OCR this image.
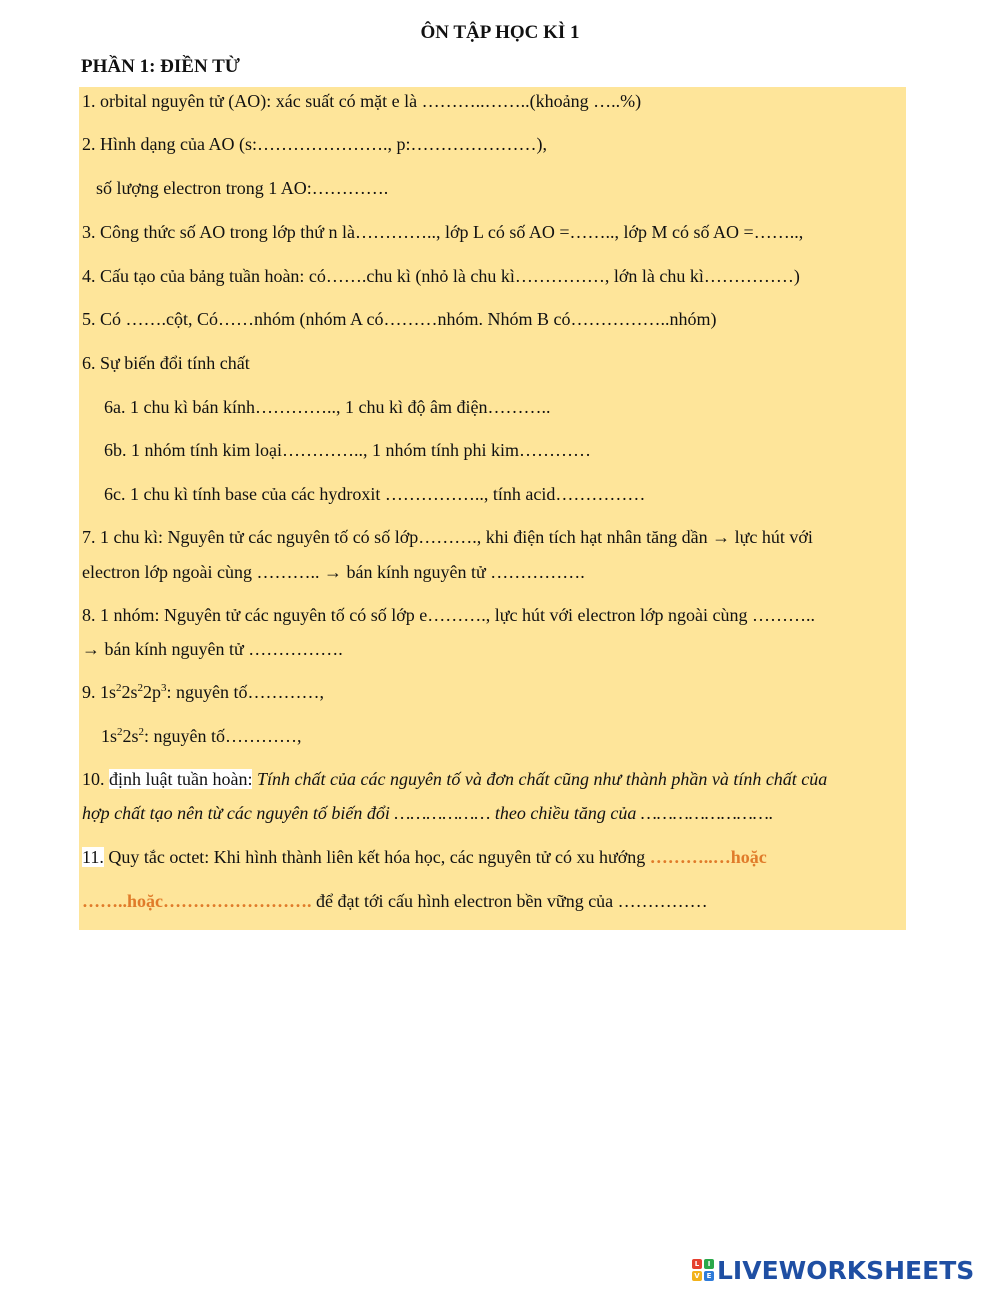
ÔN TẬP HỌC KÌ 1
PHẦN 1: ĐIỀN TỪ
1. orbital nguyên tử (AO): xác suất có mặt e là ………..……..(khoảng …..%)
2. Hình dạng của AO (s:…………………., p:…………………),
số lượng electron trong 1 AO:………….
3. Công thức số AO trong lớp thứ n là………….., lớp L có số AO =…….., lớp M có số AO =……..,
4. Cấu tạo của bảng tuần hoàn: có…….chu kì (nhỏ là chu kì……………, lớn là chu kì……………)
5. Có …….cột, Có……nhóm (nhóm A có………nhóm. Nhóm B có……………..nhóm)
6. Sự biến đổi tính chất
6a. 1 chu kì bán kính………….., 1 chu kì độ âm điện………..
6b. 1 nhóm tính kim loại………….., 1 nhóm tính phi kim…………
6c. 1 chu kì tính base của các hydroxit …………….., tính acid……………
7. 1 chu kì: Nguyên tử các nguyên tố có số lớp………., khi điện tích hạt nhân tăng dần → lực hút với
electron lớp ngoài cùng ……….. → bán kính nguyên tử …………….
8. 1 nhóm: Nguyên tử các nguyên tố có số lớp e………., lực hút với electron lớp ngoài cùng ………..
→ bán kính nguyên tử …………….
9. $1s^22s^22p^3$: nguyên tố…………,
$1s^22s^2$: nguyên tố…………,
10. định luật tuần hoàn: Tính chất của các nguyên tố và đơn chất cũng như thành phần và tính chất của
hợp chất tạo nên từ các nguyên tố biến đổi ……………… theo chiều tăng của …………………….
11. Quy tắc octet: Khi hình thành liên kết hóa học, các nguyên tử có xu hướng ………..…hoặc
……..hoặc……………………. để đạt tới cấu hình electron bền vững của ……………
L	I
V E LIVEWORKSHEETS
